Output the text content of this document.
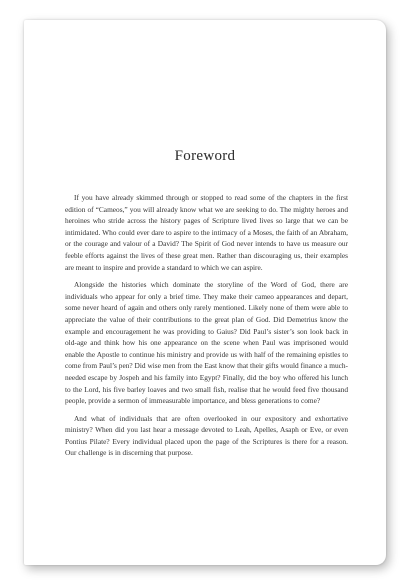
Foreword

If you have already skimmed through or stopped to read some of the chapters in the first edition of “Cameos,” you will already know what we are seeking to do. The mighty heroes and heroines who stride across the history pages of Scripture lived lives so large that we can be intimidated. Who could ever dare to aspire to the intimacy of a Moses, the faith of an Abraham, or the courage and valour of a David? The Spirit of God never intends to have us measure our feeble efforts against the lives of these great men. Rather than discouraging us, their examples are meant to inspire and provide a standard to which we can aspire.

Alongside the histories which dominate the storyline of the Word of God, there are individuals who appear for only a brief time. They make their cameo appearances and depart, some never heard of again and others only rarely mentioned. Likely none of them were able to appreciate the value of their contributions to the great plan of God. Did Demetrius know the example and encouragement he was providing to Gaius? Did Paul’s sister’s son look back in old-age and think how his one appearance on the scene when Paul was imprisoned would enable the Apostle to continue his ministry and provide us with half of the remaining epistles to come from Paul’s pen? Did wise men from the East know that their gifts would finance a much-needed escape by Jospeh and his family into Egypt? Finally, did the boy who offered his lunch to the Lord, his five barley loaves and two small fish, realise that he would feed five thousand people, provide a sermon of immeasurable importance, and bless generations to come?

And what of individuals that are often overlooked in our expository and exhortative ministry? When did you last hear a message devoted to Leah, Apelles, Asaph or Eve, or even Pontius Pilate? Every individual placed upon the page of the Scriptures is there for a reason. Our challenge is in discerning that purpose.
